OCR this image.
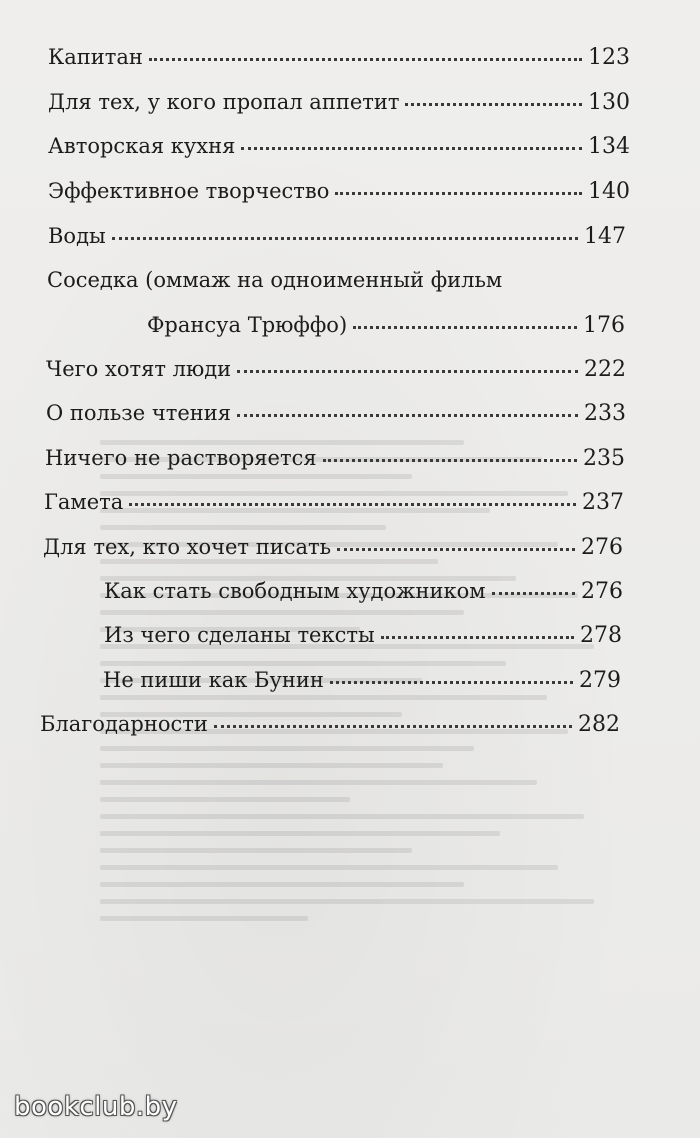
Капитан	123
Для тех, у кого пропал аппетит	130
Авторская кухня	134
Эффективное творчество	140
Воды	147
Соседка (оммаж на одноименный фильм
Франсуа Трюффо)	176
Чего хотят люди	222
О пользе чтения	233
Ничего не растворяется	235
Гамета	237
Для тех, кто хочет писать	276
Как стать свободным художником	276
Из чего сделаны тексты	278
Не пиши как Бунин	279
Благодарности	282
bookclub.by
